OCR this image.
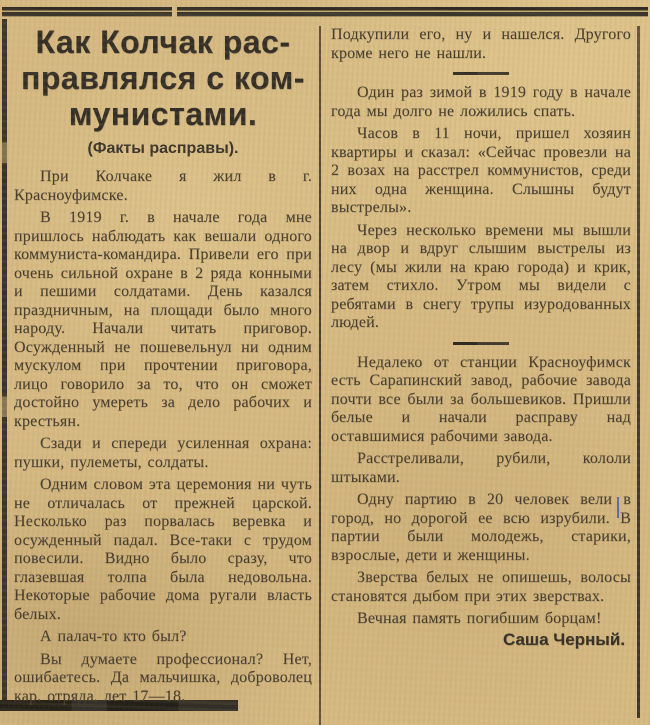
Как Колчак рас-
правлялся с ком-
мунистами.
(Факты расправы).

При Колчаке я жил в г. Красноуфимске.

В 1919 г. в начале года мне пришлось наблюдать как вешали одного коммуниста-командира. Привели его при очень сильной охране в 2 ряда конными и пешими солдатами. День казался праздничным, на площади было много народу. Начали читать приговор. Осужденный не пошевельнул ни одним мускулом при прочтении приговора, лицо говорило за то, что он сможет достойно умереть за дело рабочих и крестьян.

Сзади и спереди усиленная охрана: пушки, пулеметы, солдаты.

Одним словом эта церемония ни чуть не отличалась от прежней царской. Несколько раз порвалась веревка и осужденный падал. Все-таки с трудом повесили. Видно было сразу, что глазевшая толпа была недовольна. Некоторые рабочие дома ругали власть белых.

А палач-то кто был?

Вы думаете профессионал? Нет, ошибаетесь. Да мальчишка, доброволец кар. отряда, лет 17—18.

Подкупили его, ну и нашелся. Другого кроме него не нашли.

Один раз зимой в 1919 году в начале года мы долго не ложились спать.

Часов в 11 ночи, пришел хозяин квартиры и сказал: «Сейчас провезли на 2 возах на расстрел коммунистов, среди них одна женщина. Слышны будут выстрелы».

Через несколько времени мы вышли на двор и вдруг слышим выстрелы из лесу (мы жили на краю города) и крик, затем стихло. Утром мы видели с ребятами в снегу трупы изуродованных людей.

Недалеко от станции Красноуфимск есть Сарапинский завод, рабочие завода почти все были за большевиков. Пришли белые и начали расправу над оставшимися рабочими завода.

Расстреливали, рубили, кололи штыками.

Одну партию в 20 человек вели в город, но дорогой ее всю изрубили. В партии были молодежь, старики, взрослые, дети и женщины.

Зверства белых не опишешь, волосы становятся дыбом при этих зверствах.

Вечная память погибшим борцам!

Саша Черный.
